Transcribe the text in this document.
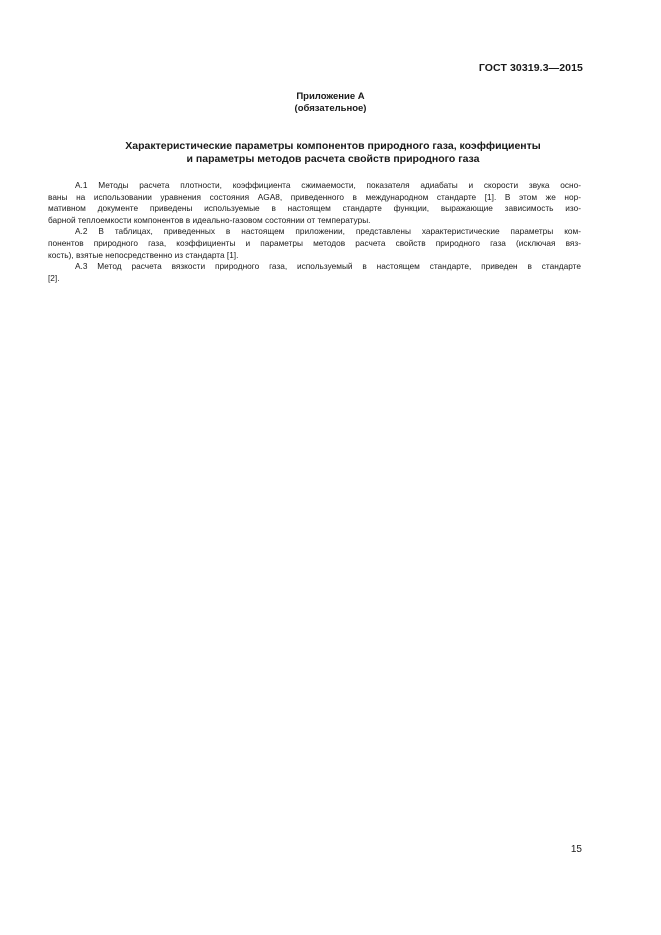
ГОСТ 30319.3—2015
Приложение А
(обязательное)
Характеристические параметры компонентов природного газа, коэффициенты
и параметры методов расчета свойств природного газа

А.1 Методы расчета плотности, коэффициента сжимаемости, показателя адиабаты и скорости звука осно-
ваны на использовании уравнения состояния AGA8, приведенного в международном стандарте [1]. В этом же нор-
мативном документе приведены используемые в настоящем стандарте функции, выражающие зависимость изо-
барной теплоемкости компонентов в идеально-газовом состоянии от температуры.

А.2 В таблицах, приведенных в настоящем приложении, представлены характеристические параметры ком-
понентов природного газа, коэффициенты и параметры методов расчета свойств природного газа (исключая вяз-
кость), взятые непосредственно из стандарта [1].

А.3 Метод расчета вязкости природного газа, используемый в настоящем стандарте, приведен в стандарте
[2].

15
